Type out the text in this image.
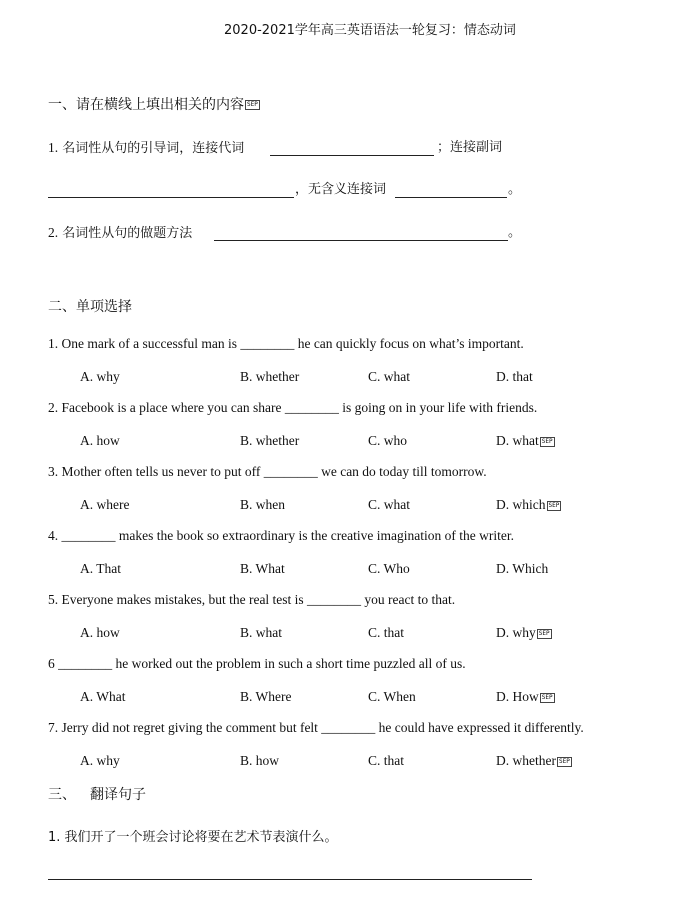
2020-2021学年高三英语语法一轮复习：情态动词
一、请在横线上填出相关的内容 SEP
1. 名词性从句的引导词，连接代词	；连接副词
，无含义连接词	。
2. 名词性从句的做题方法	。
二、单项选择
1. One mark of a successful man is ________ he can quickly focus on what’s important.
A. why	B. whether	C. what	D. that
2. Facebook is a place where you can share ________ is going on in your life with friends.
A. how	B. whether	C. who	D. what SEP
3. Mother often tells us never to put off ________ we can do today till tomorrow.
A. where	B. when	C. what	D. which SEP
4. ________ makes the book so extraordinary is the creative imagination of the writer.
A. That	B. What	C. Who	D. Which
5. Everyone makes mistakes, but the real test is ________ you react to that.
A. how	B. what	C. that	D. why SEP
6 ________ he worked out the problem in such a short time puzzled all of us.
A. What	B. Where	C. When	D. How SEP
7. Jerry did not regret giving the comment but felt ________ he could have expressed it differently.
A. why	B. how	C. that	D. whether SEP
三、 翻译句子
1. 我们开了一个班会讨论将要在艺术节表演什么。
